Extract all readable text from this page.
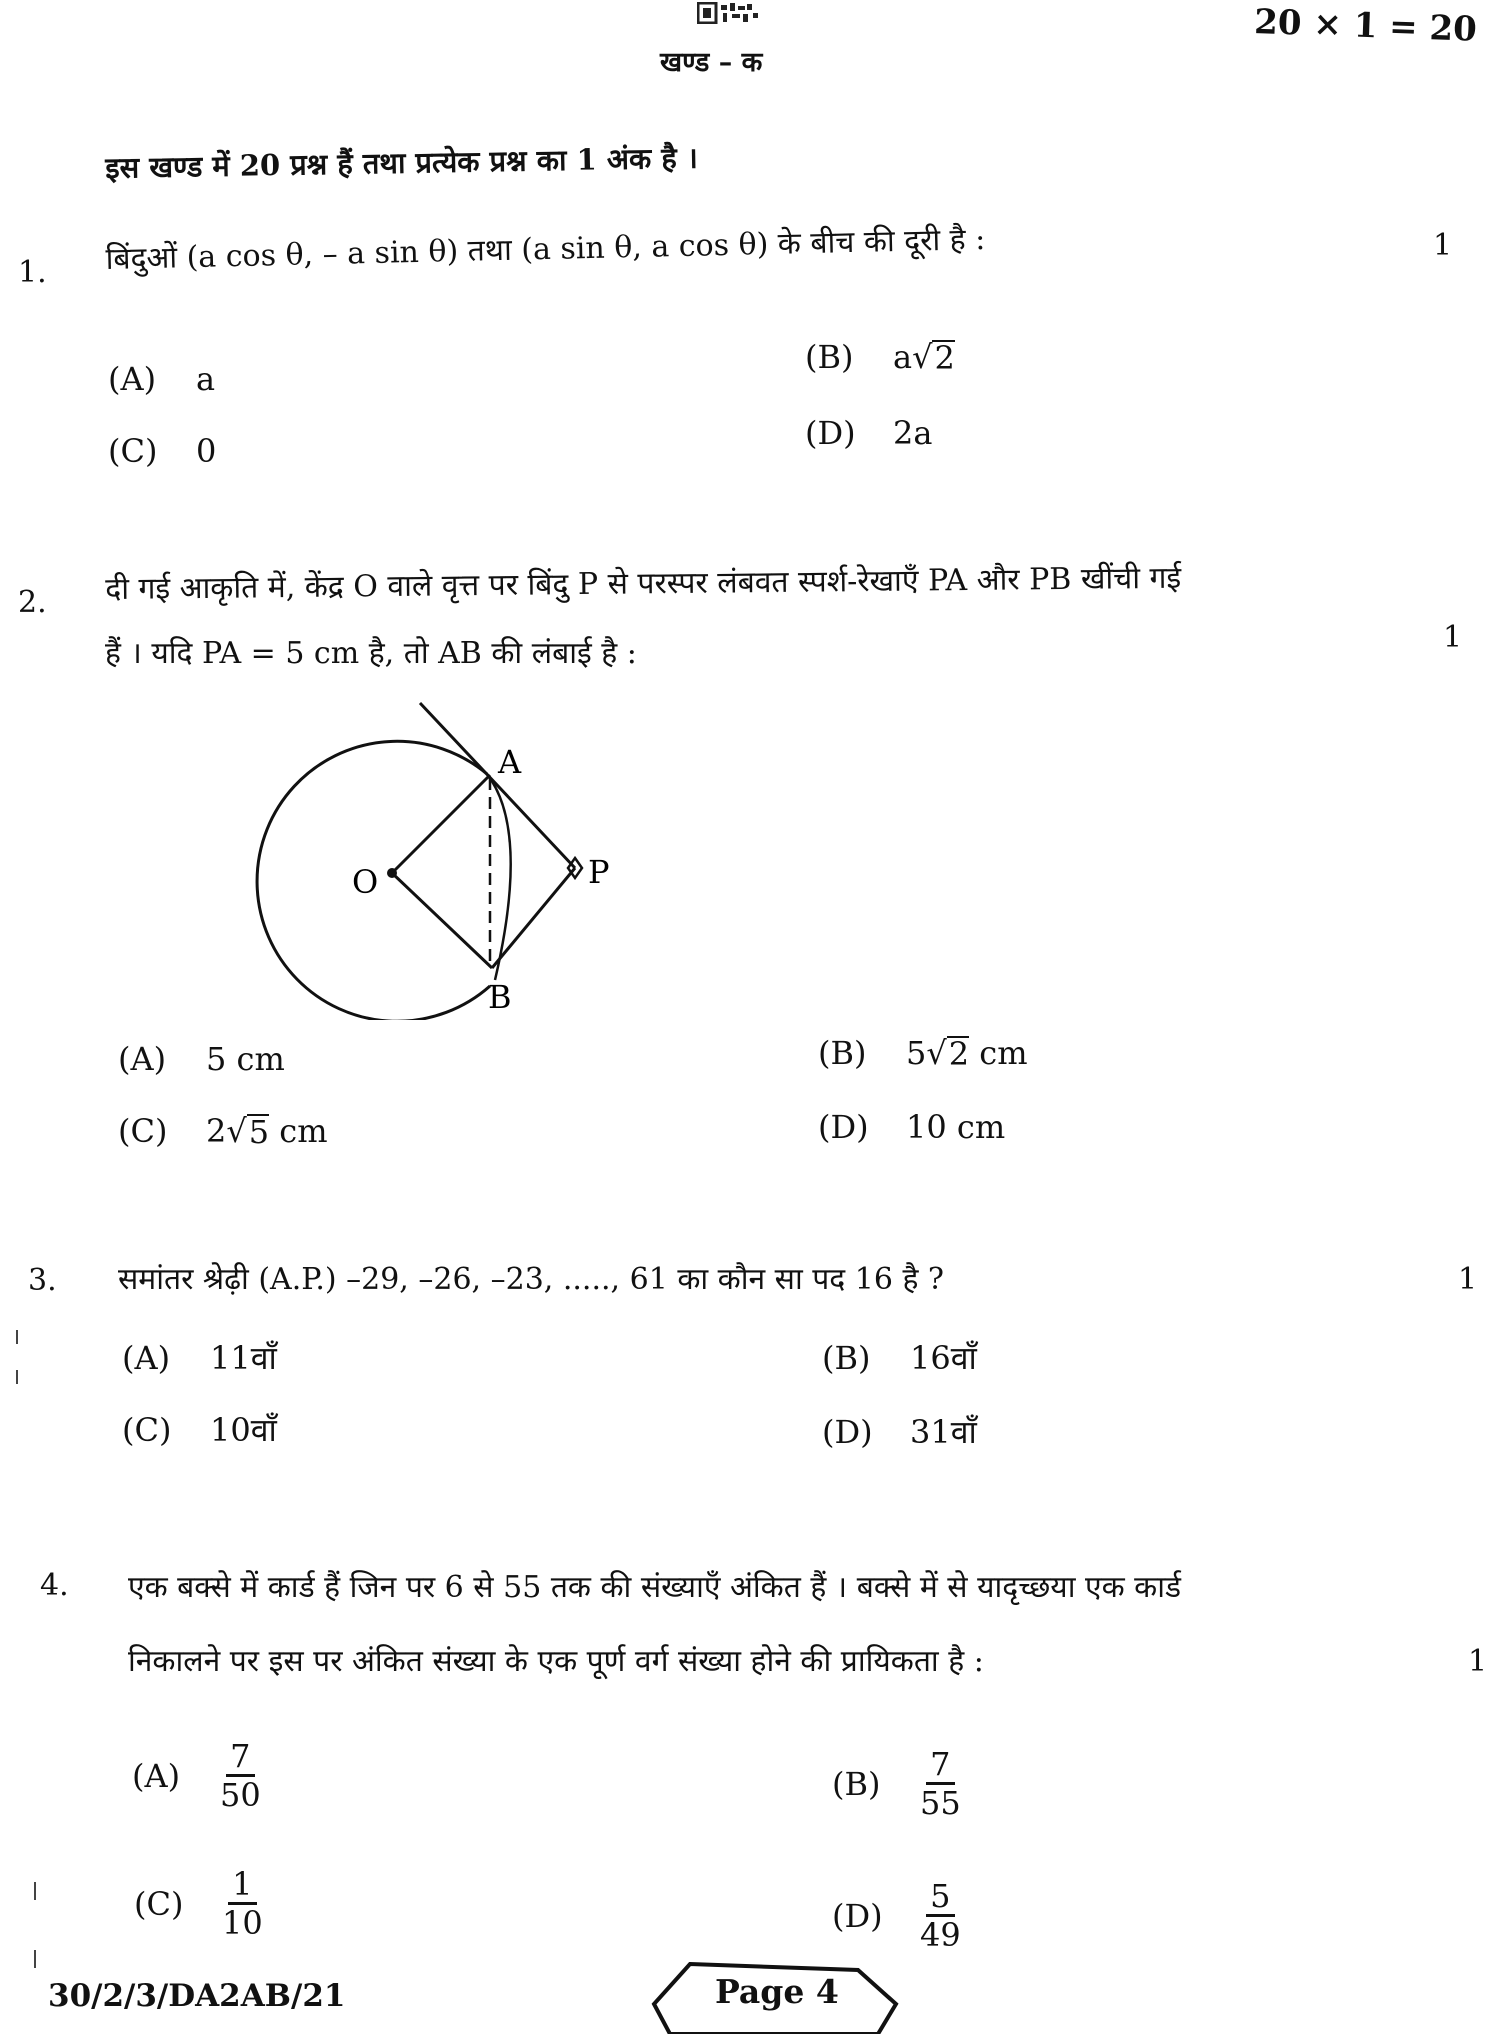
खण्ड – क
20 × 1 = 20
इस खण्ड में 20 प्रश्न हैं तथा प्रत्येक प्रश्न का 1 अंक है ।
1. बिंदुओं (a cos θ, – a sin θ) तथा (a sin θ, a cos θ) के बीच की दूरी है :	1
(A)	a
(B)	a √ 2
(C)	0	(D)	2a
2. दी गई आकृति में, केंद्र O वाले वृत्त पर बिंदु P से परस्पर लंबवत स्पर्श-रेखाएँ PA और PB खींची गई
हैं । यदि PA = 5 cm है, तो AB की लंबाई है :	1
A
O	P
B
(A)	5 cm	(B)	5 √ 2 cm
(C)	2 √ 5 cm	(D)	10 cm
3. समांतर श्रेढ़ी (A.P.) –29, –26, –23, ....., 61 का कौन सा पद 16 है ?	1
(A)	11वाँ	(B)	16वाँ
(C)	10वाँ	(D)	31वाँ
4. एक बक्से में कार्ड हैं जिन पर 6 से 55 तक की संख्याएँ अंकित हैं । बक्से में से यादृच्छया एक कार्ड
निकालने पर इस पर अंकित संख्या के एक पूर्ण वर्ग संख्या होने की प्रायिकता है :	1
(A)	$\frac{7}{50}$	(B)	$\frac{7}{55}$
(C)	$\frac{1}{10}$	(D)	$\frac{5}{49}$
30/2/3/DA2AB/21	Page 4
